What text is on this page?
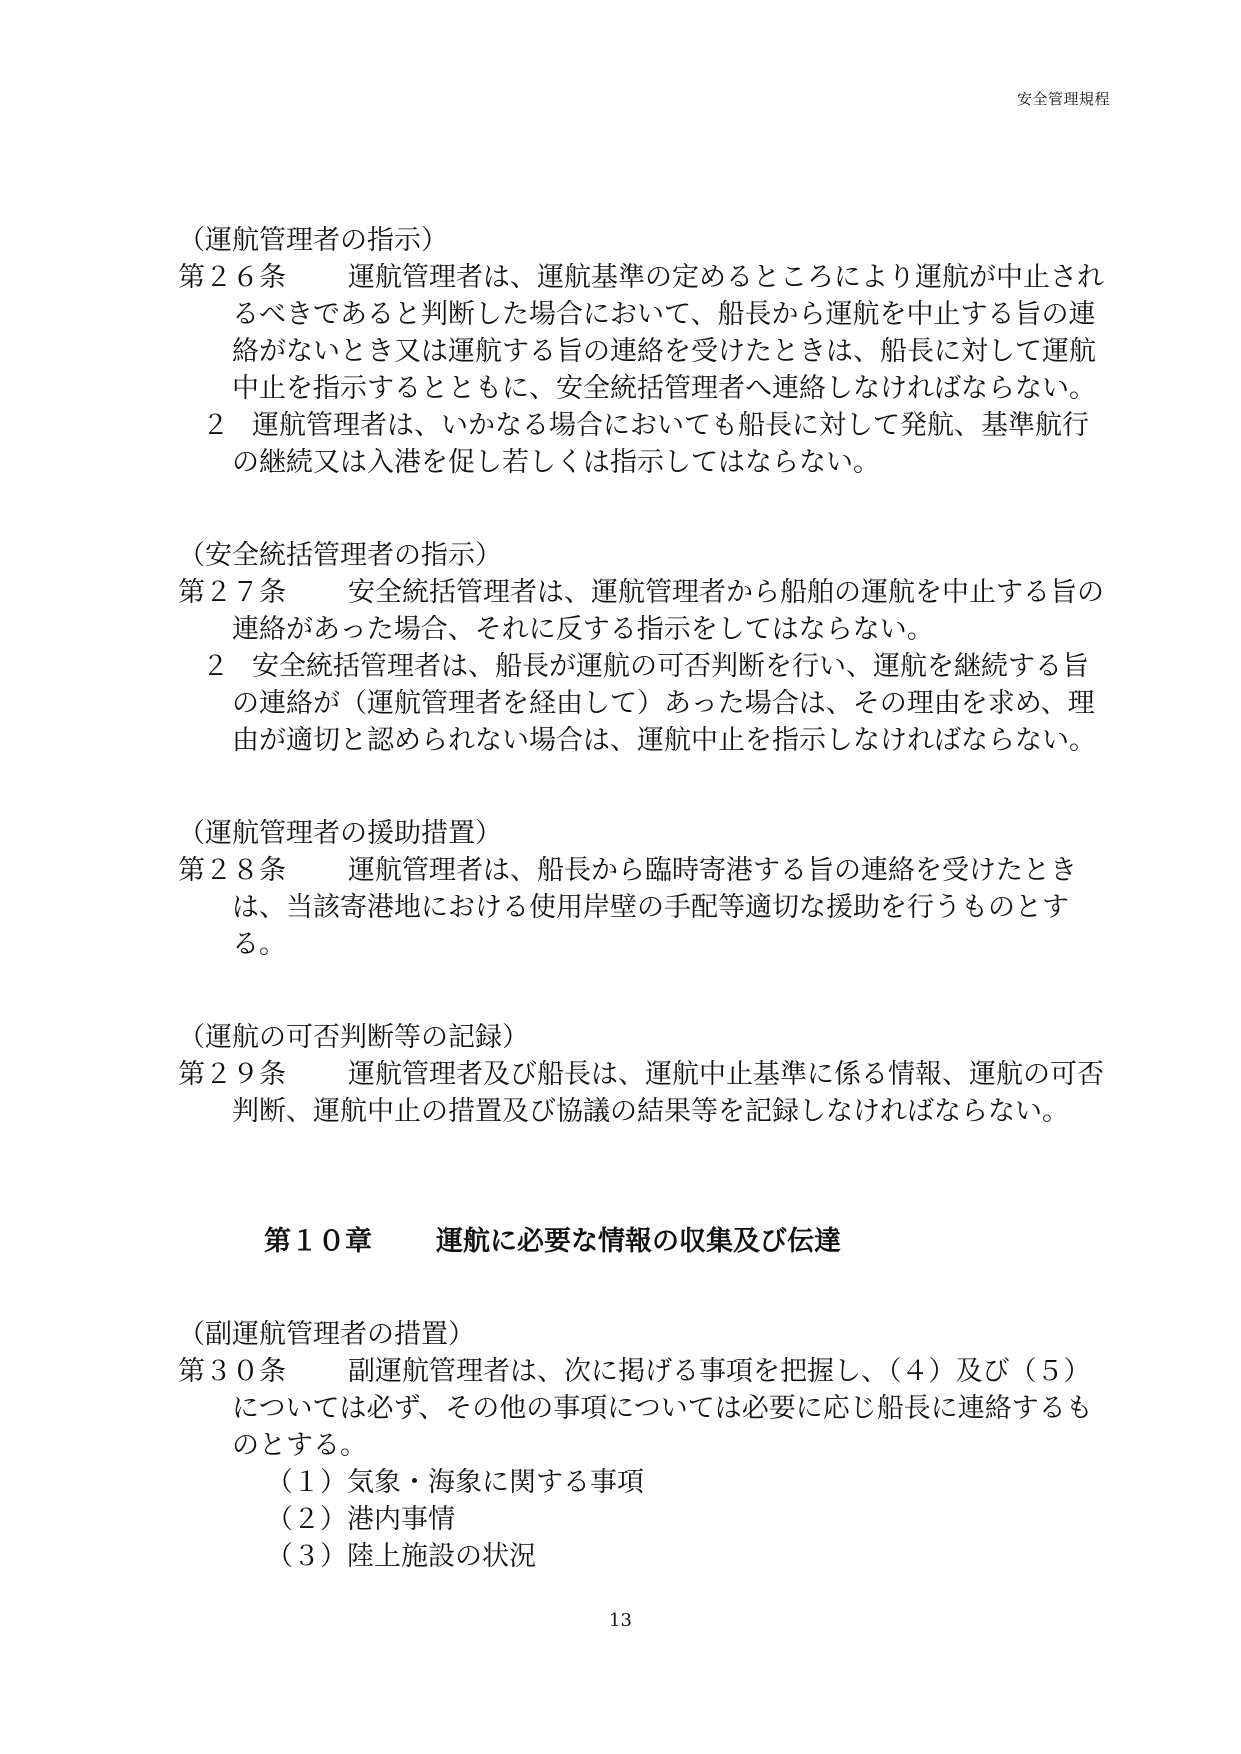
安全管理規程

（運航管理者の指示）

第２６条 運航管理者は、運航基準の定めるところにより運航が中止されるべきであると判断した場合において、船長から運航を中止する旨の連絡がないとき又は運航する旨の連絡を受けたときは、船長に対して運航中止を指示するとともに、安全統括管理者へ連絡しなければならない。

２ 運航管理者は、いかなる場合においても船長に対して発航、基準航行の継続又は入港を促し若しくは指示してはならない。

（安全統括管理者の指示）

第２７条 安全統括管理者は、運航管理者から船舶の運航を中止する旨の連絡があった場合、それに反する指示をしてはならない。

２ 安全統括管理者は、船長が運航の可否判断を行い、運航を継続する旨の連絡が（運航管理者を経由して）あった場合は、その理由を求め、理由が適切と認められない場合は、運航中止を指示しなければならない。

（運航管理者の援助措置）

第２８条 運航管理者は、船長から臨時寄港する旨の連絡を受けたときは、当該寄港地における使用岸壁の手配等適切な援助を行うものとする。

（運航の可否判断等の記録）

第２９条 運航管理者及び船長は、運航中止基準に係る情報、運航の可否判断、運航中止の措置及び協議の結果等を記録しなければならない。

第１０章 運航に必要な情報の収集及び伝達

（副運航管理者の措置）

第３０条 副運航管理者は、次に掲げる事項を把握し、（４）及び（５）については必ず、その他の事項については必要に応じ船長に連絡するものとする。

（１）気象・海象に関する事項

（２）港内事情

（３）陸上施設の状況

13
